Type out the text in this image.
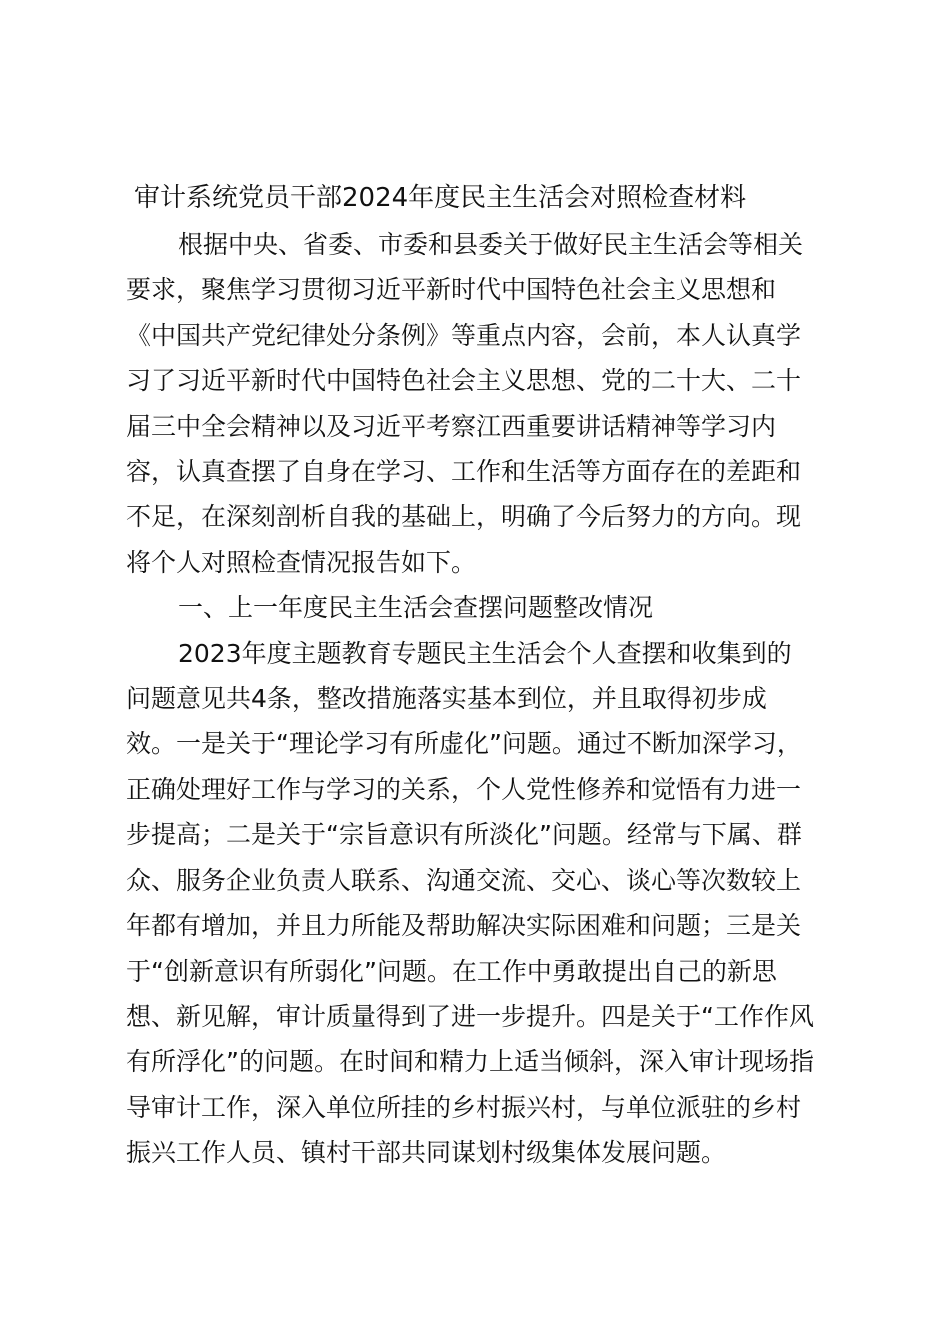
审计系统党员干部2024年度民主生活会对照检查材料

根据中央、省委、市委和县委关于做好民主生活会等相关
要求，聚焦学习贯彻习近平新时代中国特色社会主义思想和
《中国共产党纪律处分条例》等重点内容，会前，本人认真学
习了习近平新时代中国特色社会主义思想、党的二十大、二十
届三中全会精神以及习近平考察江西重要讲话精神等学习内
容，认真查摆了自身在学习、工作和生活等方面存在的差距和
不足，在深刻剖析自我的基础上，明确了今后努力的方向。现
将个人对照检查情况报告如下。

一、上一年度民主生活会查摆问题整改情况

2023年度主题教育专题民主生活会个人查摆和收集到的
问题意见共4条，整改措施落实基本到位，并且取得初步成
效。一是关于“理论学习有所虚化”问题。通过不断加深学习，
正确处理好工作与学习的关系，个人党性修养和觉悟有力进一
步提高；二是关于“宗旨意识有所淡化”问题。经常与下属、群
众、服务企业负责人联系、沟通交流、交心、谈心等次数较上
年都有增加，并且力所能及帮助解决实际困难和问题；三是关
于“创新意识有所弱化”问题。在工作中勇敢提出自己的新思
想、新见解，审计质量得到了进一步提升。四是关于“工作作风
有所浮化”的问题。在时间和精力上适当倾斜，深入审计现场指
导审计工作，深入单位所挂的乡村振兴村，与单位派驻的乡村
振兴工作人员、镇村干部共同谋划村级集体发展问题。
